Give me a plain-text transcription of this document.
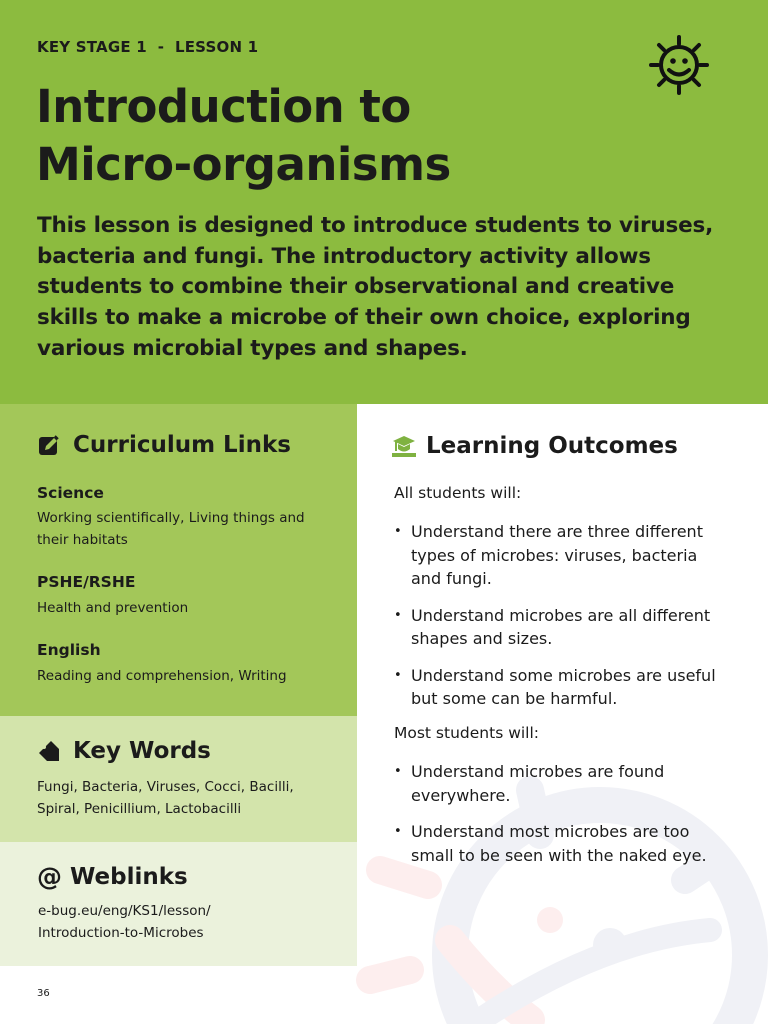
KEY STAGE 1  -  LESSON 1
Introduction to
Micro-organisms
This lesson is designed to introduce students to viruses, bacteria and fungi. The introductory activity allows students to combine their observational and creative skills to make a microbe of their own choice, exploring various microbial types and shapes.
Curriculum Links
Science
Working scientifically, Living things and their habitats
PSHE/RSHE
Health and prevention
English
Reading and comprehension, Writing
Key Words
Fungi, Bacteria, Viruses, Cocci, Bacilli, Spiral, Penicillium, Lactobacilli
@ Weblinks
e-bug.eu/eng/KS1/lesson/
Introduction-to-Microbes
Learning Outcomes
All students will:
• Understand there are three different types of microbes: viruses, bacteria and fungi.
• Understand microbes are all different shapes and sizes.
• Understand some microbes are useful but some can be harmful.
Most students will:
• Understand microbes are found everywhere.
• Understand most microbes are too small to be seen with the naked eye.
36
